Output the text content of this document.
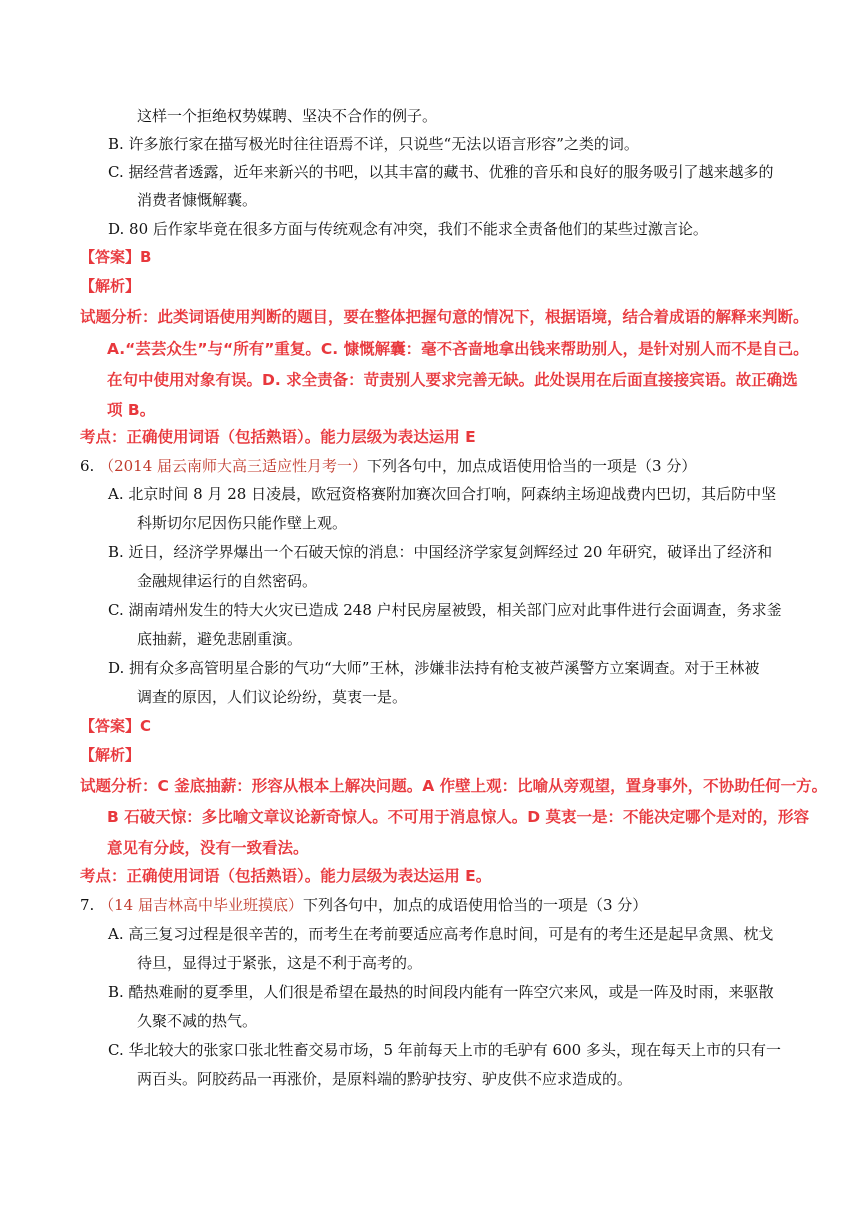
这样一个拒绝权势媒聘、坚决不合作的例子。
B. 许多旅行家在描写极光时往往语焉不详，只说些“无法以语言形容”之类的词。
C. 据经营者透露，近年来新兴的书吧，以其丰富的藏书、优雅的音乐和良好的服务吸引了越来越多的
消费者慷慨解囊。
D. 80 后作家毕竟在很多方面与传统观念有冲突，我们不能求全责备他们的某些过激言论。
【答案】B
【解析】
试题分析：此类词语使用判断的题目，要在整体把握句意的情况下，根据语境，结合着成语的解释来判断。
A.“芸芸众生”与“所有”重复。C. 慷慨解囊：毫不吝啬地拿出钱来帮助别人，是针对别人而不是自己。
在句中使用对象有误。D. 求全责备：苛责别人要求完善无缺。此处误用在后面直接接宾语。故正确选
项 B。
考点：正确使用词语（包括熟语）。能力层级为表达运用 E
6. （2014 届云南师大高三适应性月考一）下列各句中，加点成语使用恰当的一项是（3 分）
A. 北京时间 8 月 28 日凌晨，欧冠资格赛附加赛次回合打响，阿森纳主场迎战费内巴切，其后防中坚
科斯切尔尼因伤只能作壁上观。
B. 近日，经济学界爆出一个石破天惊的消息：中国经济学家复剑辉经过 20 年研究，破译出了经济和
金融规律运行的自然密码。
C. 湖南靖州发生的特大火灾已造成 248 户村民房屋被毁，相关部门应对此事件进行会面调查，务求釜
底抽薪，避免悲剧重演。
D. 拥有众多高管明星合影的气功“大师”王林，涉嫌非法持有枪支被芦溪警方立案调查。对于王林被
调查的原因，人们议论纷纷，莫衷一是。
【答案】C
【解析】
试题分析：C 釜底抽薪：形容从根本上解决问题。A 作壁上观：比喻从旁观望，置身事外，不协助任何一方。
B 石破天惊：多比喻文章议论新奇惊人。不可用于消息惊人。D 莫衷一是：不能决定哪个是对的，形容
意见有分歧，没有一致看法。
考点：正确使用词语（包括熟语）。能力层级为表达运用 E。
7. （14 届吉林高中毕业班摸底）下列各句中，加点的成语使用恰当的一项是（3 分）
A. 高三复习过程是很辛苦的，而考生在考前要适应高考作息时间，可是有的考生还是起早贪黑、枕戈
待旦，显得过于紧张，这是不利于高考的。
B. 酷热难耐的夏季里，人们很是希望在最热的时间段内能有一阵空穴来风，或是一阵及时雨，来驱散
久聚不减的热气。
C. 华北较大的张家口张北牲畜交易市场，5 年前每天上市的毛驴有 600 多头，现在每天上市的只有一
两百头。阿胶药品一再涨价，是原料端的黔驴技穷、驴皮供不应求造成的。
